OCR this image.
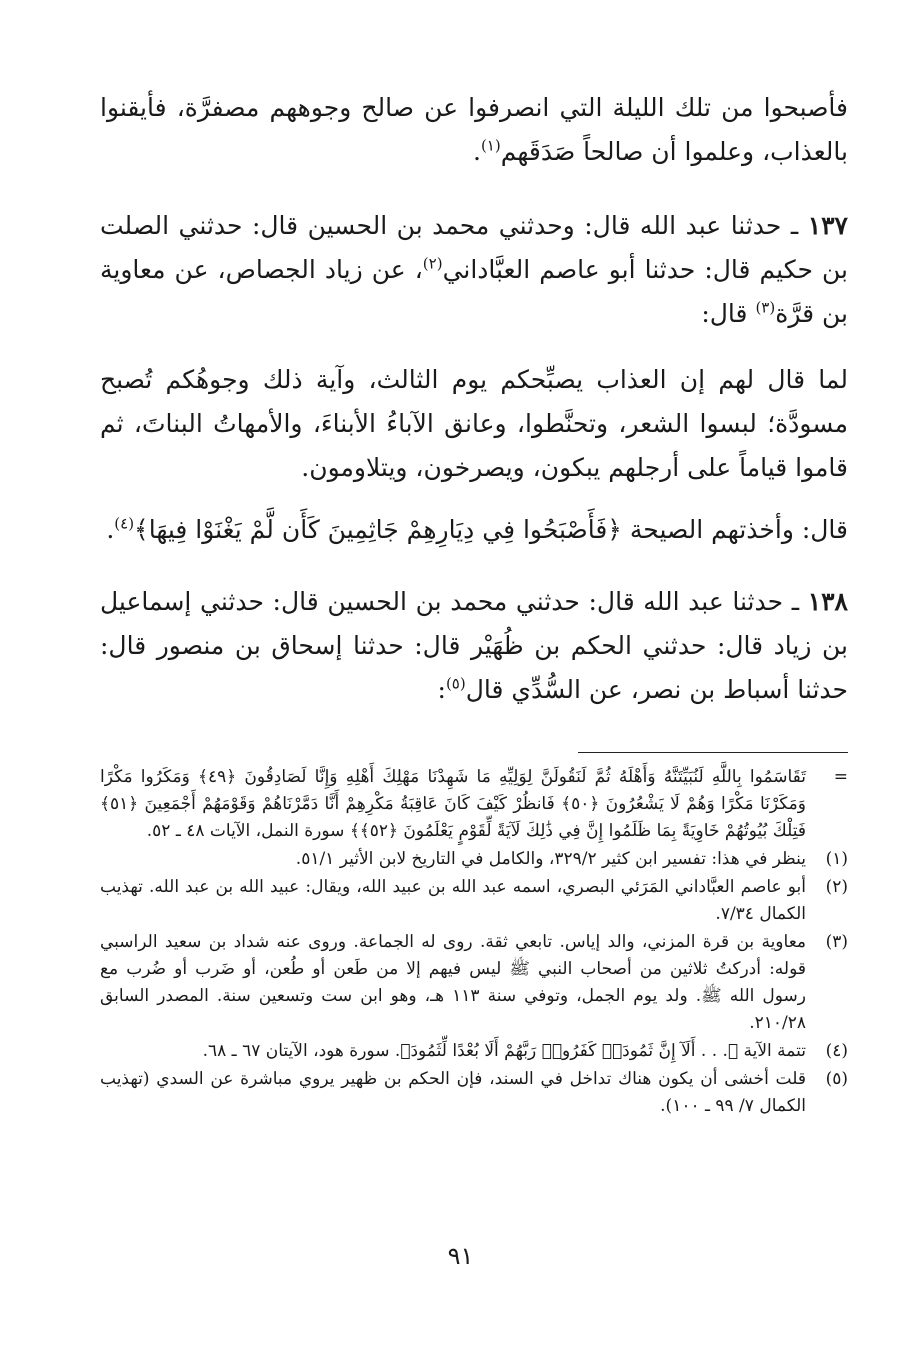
فأصبحوا من تلك الليلة التي انصرفوا عن صالح وجوههم مصفرَّة، فأيقنوا بالعذاب، وعلموا أن صالحاً صَدَقَهم$^{(١)}$.

١٣٧ ـ حدثنا عبد الله قال: وحدثني محمد بن الحسين قال: حدثني الصلت بن حكيم قال: حدثنا أبو عاصم العبَّاداني$^{(٢)}$، عن زياد الجصاص، عن معاوية بن قرَّة$^{(٣)}$ قال:

لما قال لهم إن العذاب يصبِّحكم يوم الثالث، وآية ذلك وجوهُكم تُصبح مسودَّة؛ لبسوا الشعر، وتحنَّطوا، وعانق الآباءُ الأبناءَ، والأمهاتُ البناتَ، ثم قاموا قياماً على أرجلهم يبكون، ويصرخون، ويتلاومون.

قال: وأخذتهم الصيحة ﴿فَأَصْبَحُوا فِي دِيَارِهِمْ جَاثِمِينَ كَأَن لَّمْ يَغْنَوْا فِيهَا﴾$^{(٤)}$.

١٣٨ ـ حدثنا عبد الله قال: حدثني محمد بن الحسين قال: حدثني إسماعيل بن زياد قال: حدثني الحكم بن ظُهَيْر قال: حدثنا إسحاق بن منصور قال: حدثنا أسباط بن نصر، عن السُّدِّي قال$^{(٥)}$:

=
تَقَاسَمُوا بِاللَّهِ لَنُبَيِّتَنَّهُ وَأَهْلَهُ ثُمَّ لَنَقُولَنَّ لِوَلِيِّهِ مَا شَهِدْنَا مَهْلِكَ أَهْلِهِ وَإِنَّا لَصَادِقُونَ ﴿٤٩﴾ وَمَكَرُوا مَكْرًا وَمَكَرْنَا مَكْرًا وَهُمْ لَا يَشْعُرُونَ ﴿٥٠﴾ فَانظُرْ كَيْفَ كَانَ عَاقِبَةُ مَكْرِهِمْ أَنَّا دَمَّرْنَاهُمْ وَقَوْمَهُمْ أَجْمَعِينَ ﴿٥١﴾ فَتِلْكَ بُيُوتُهُمْ خَاوِيَةً بِمَا ظَلَمُوا إِنَّ فِي ذَٰلِكَ لَآيَةً لِّقَوْمٍ يَعْلَمُونَ ﴿٥٢﴾﴾ سورة النمل، الآيات ٤٨ ـ ٥٢.
(١)
ينظر في هذا: تفسير ابن كثير ٣٢٩/٢، والكامل في التاريخ لابن الأثير ٥١/١.
(٢)
أبو عاصم العبَّاداني المَرَئي البصري، اسمه عبد الله بن عبيد الله، ويقال: عبيد الله بن عبد الله. تهذيب الكمال ٧/٣٤.
(٣)
معاوية بن قرة المزني، والد إياس. تابعي ثقة. روى له الجماعة. وروى عنه شداد بن سعيد الراسبي قوله: أدركتُ ثلاثين من أصحاب النبي ﷺ ليس فيهم إلا من طَعن أو طُعن، أو ضَرب أو ضُرب مع رسول الله ﷺ. ولد يوم الجمل، وتوفي سنة ١١٣ هـ، وهو ابن ست وتسعين سنة. المصدر السابق ٢١٠/٢٨.
(٤)
تتمة الآية ﴿. . . أَلَآ إِنَّ ثَمُودَا۟ كَفَرُوا۟ رَبَّهُمْ أَلَا بُعْدًا لِّثَمُودَ﴾. سورة هود، الآيتان ٦٧ ـ ٦٨.
(٥)
قلت أخشى أن يكون هناك تداخل في السند، فإن الحكم بن ظهير يروي مباشرة عن السدي (تهذيب الكمال ٧/ ٩٩ ـ ١٠٠).
٩١
